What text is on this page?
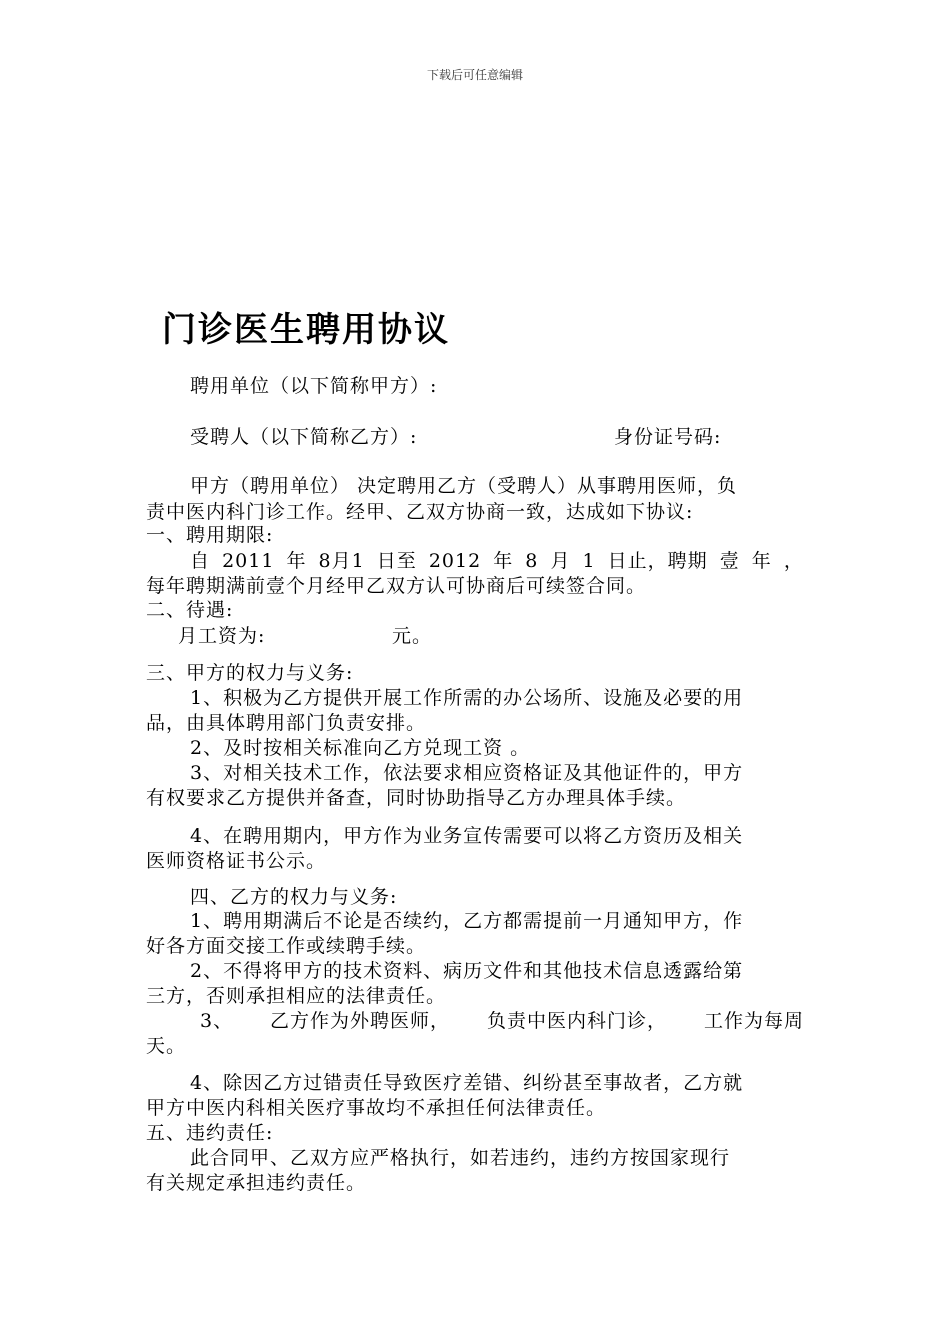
下载后可任意编辑
门诊医生聘用协议
聘用单位（以下简称甲方）:
受聘人（以下简称乙方）:	身份证号码:
甲方（聘用单位） 决定聘用乙方（受聘人）从事聘用医师，负
责中医内科门诊工作。经甲、乙双方协商一致，达成如下协议:
一、聘用期限:
自 2011 年 8月1 日至 2012 年 8 月 1 日止，聘期 壹 年 ，
每年聘期满前壹个月经甲乙双方认可协商后可续签合同。
二、待遇:
月工资为:	元。
三、甲方的权力与义务:
1、积极为乙方提供开展工作所需的办公场所、设施及必要的用
品，由具体聘用部门负责安排。
2、及时按相关标准向乙方兑现工资 。
3、对相关技术工作，依法要求相应资格证及其他证件的，甲方
有权要求乙方提供并备查，同时协助指导乙方办理具体手续。
4、在聘用期内，甲方作为业务宣传需要可以将乙方资历及相关
医师资格证书公示。
四、乙方的权力与义务:
1、聘用期满后不论是否续约，乙方都需提前一月通知甲方，作
好各方面交接工作或续聘手续。
2、不得将甲方的技术资料、病历文件和其他技术信息透露给第
三方，否则承担相应的法律责任。
3、 乙方作为外聘医师， 负责中医内科门诊， 工作为每周
天。
4、除因乙方过错责任导致医疗差错、纠纷甚至事故者，乙方就
甲方中医内科相关医疗事故均不承担任何法律责任。
五、违约责任:
此合同甲、乙双方应严格执行，如若违约，违约方按国家现行
有关规定承担违约责任。
